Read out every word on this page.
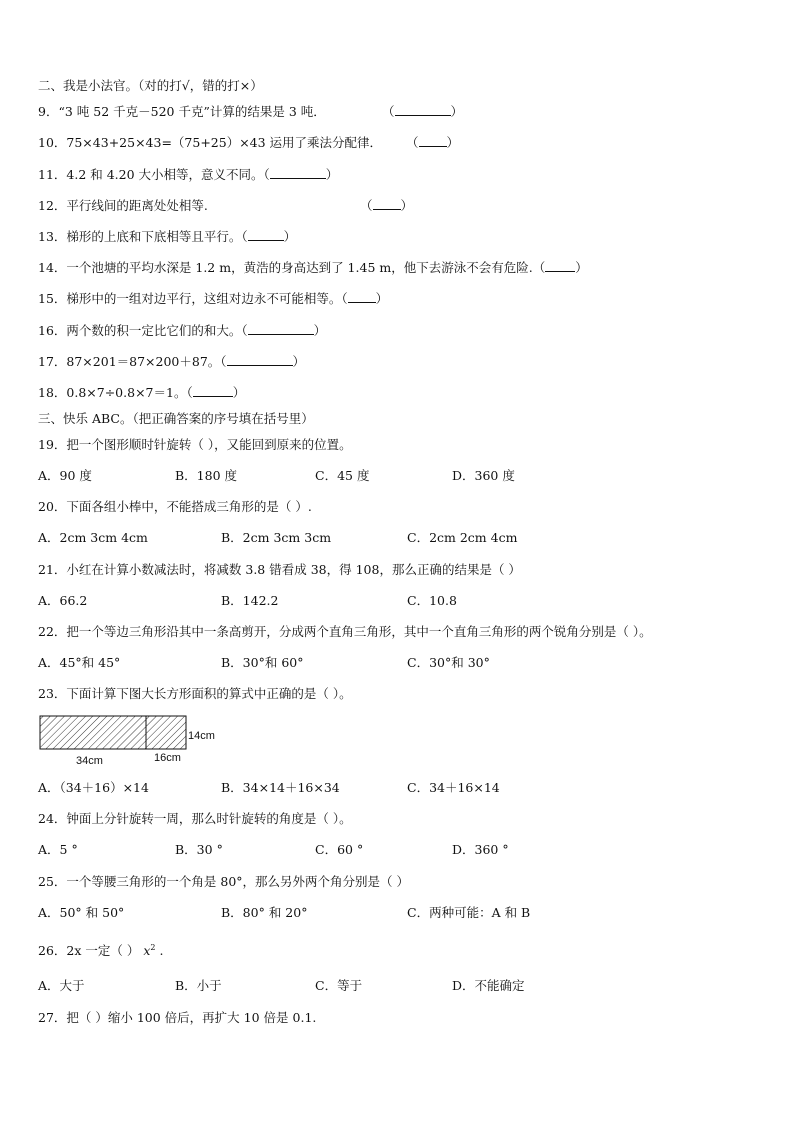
二、我是小法官。（对的打√，错的打×）
9．“3 吨 52 千克－520 千克”计算的结果是 3 吨．	（	）
10．75×43+25×43=（75+25）×43 运用了乘法分配律． （ ）
11．4.2 和 4.20 大小相等，意义不同。（	）
12．平行线间的距离处处相等.	（ ）
13．梯形的上底和下底相等且平行。（	）
14．一个池塘的平均水深是 1.2 m，黄浩的身高达到了 1.45 m，他下去游泳不会有危险.（ ）
15．梯形中的一组对边平行，这组对边永不可能相等。（ ）
16．两个数的积一定比它们的和大。（	）
17．87×201＝87×200＋87。（	）
18．0.8×7÷0.8×7＝1。（	）
三、快乐 ABC。（把正确答案的序号填在括号里）
19．把一个图形顺时针旋转（ ），又能回到原来的位置。
A．90 度	B．180 度	C．45 度	D．360 度
20．下面各组小棒中，不能搭成三角形的是（ ）.
A．2cm 3cm 4cm	B．2cm 3cm 3cm	C．2cm 2cm 4cm
21．小红在计算小数减法时，将减数 3.8 错看成 38，得 108，那么正确的结果是（ ）
A．66.2	B．142.2	C．10.8
22．把一个等边三角形沿其中一条高剪开，分成两个直角三角形，其中一个直角三角形的两个锐角分别是（ ）。
A．45°和 45°	B．30°和 60°	C．30°和 30°
23．下面计算下图大长方形面积的算式中正确的是（ ）。
34cm	16cm
14cm
A．（34＋16）×14	B．34×14＋16×34	C．34＋16×14
24．钟面上分针旋转一周，那么时针旋转的角度是（ ）。
A．5 °	B．30 °	C．60 °	D．360 °
25．一个等腰三角形的一个角是 80°，那么另外两个角分别是（ ）
A．50° 和 50°	B．80° 和 20°	C．两种可能：A 和 B
26．2x 一定（ ） $x^2$ .
A．大于	B．小于	C．等于	D．不能确定
27．把（ ）缩小 100 倍后，再扩大 10 倍是 0.1.
